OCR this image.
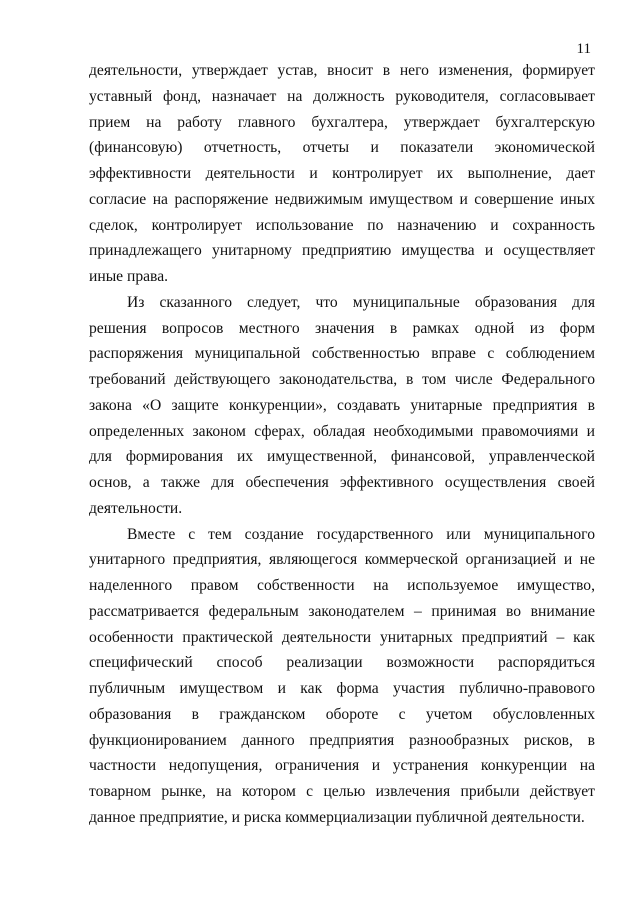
11
деятельности, утверждает устав, вносит в него изменения, формирует
уставный фонд, назначает на должность руководителя, согласовывает
прием на работу главного бухгалтера, утверждает бухгалтерскую
(финансовую) отчетность, отчеты и показатели экономической
эффективности деятельности и контролирует их выполнение, дает
согласие на распоряжение недвижимым имуществом и совершение иных
сделок, контролирует использование по назначению и сохранность
принадлежащего унитарному предприятию имущества и осуществляет
иные права.
Из сказанного следует, что муниципальные образования для
решения вопросов местного значения в рамках одной из форм
распоряжения муниципальной собственностью вправе с соблюдением
требований действующего законодательства, в том числе Федерального
закона «О защите конкуренции», создавать унитарные предприятия в
определенных законом сферах, обладая необходимыми правомочиями и
для формирования их имущественной, финансовой, управленческой
основ, а также для обеспечения эффективного осуществления своей
деятельности.
Вместе с тем создание государственного или муниципального
унитарного предприятия, являющегося коммерческой организацией и не
наделенного правом собственности на используемое имущество,
рассматривается федеральным законодателем – принимая во внимание
особенности практической деятельности унитарных предприятий – как
специфический способ реализации возможности распорядиться
публичным имуществом и как форма участия публично-правового
образования в гражданском обороте с учетом обусловленных
функционированием данного предприятия разнообразных рисков, в
частности недопущения, ограничения и устранения конкуренции на
товарном рынке, на котором с целью извлечения прибыли действует
данное предприятие, и риска коммерциализации публичной деятельности.
